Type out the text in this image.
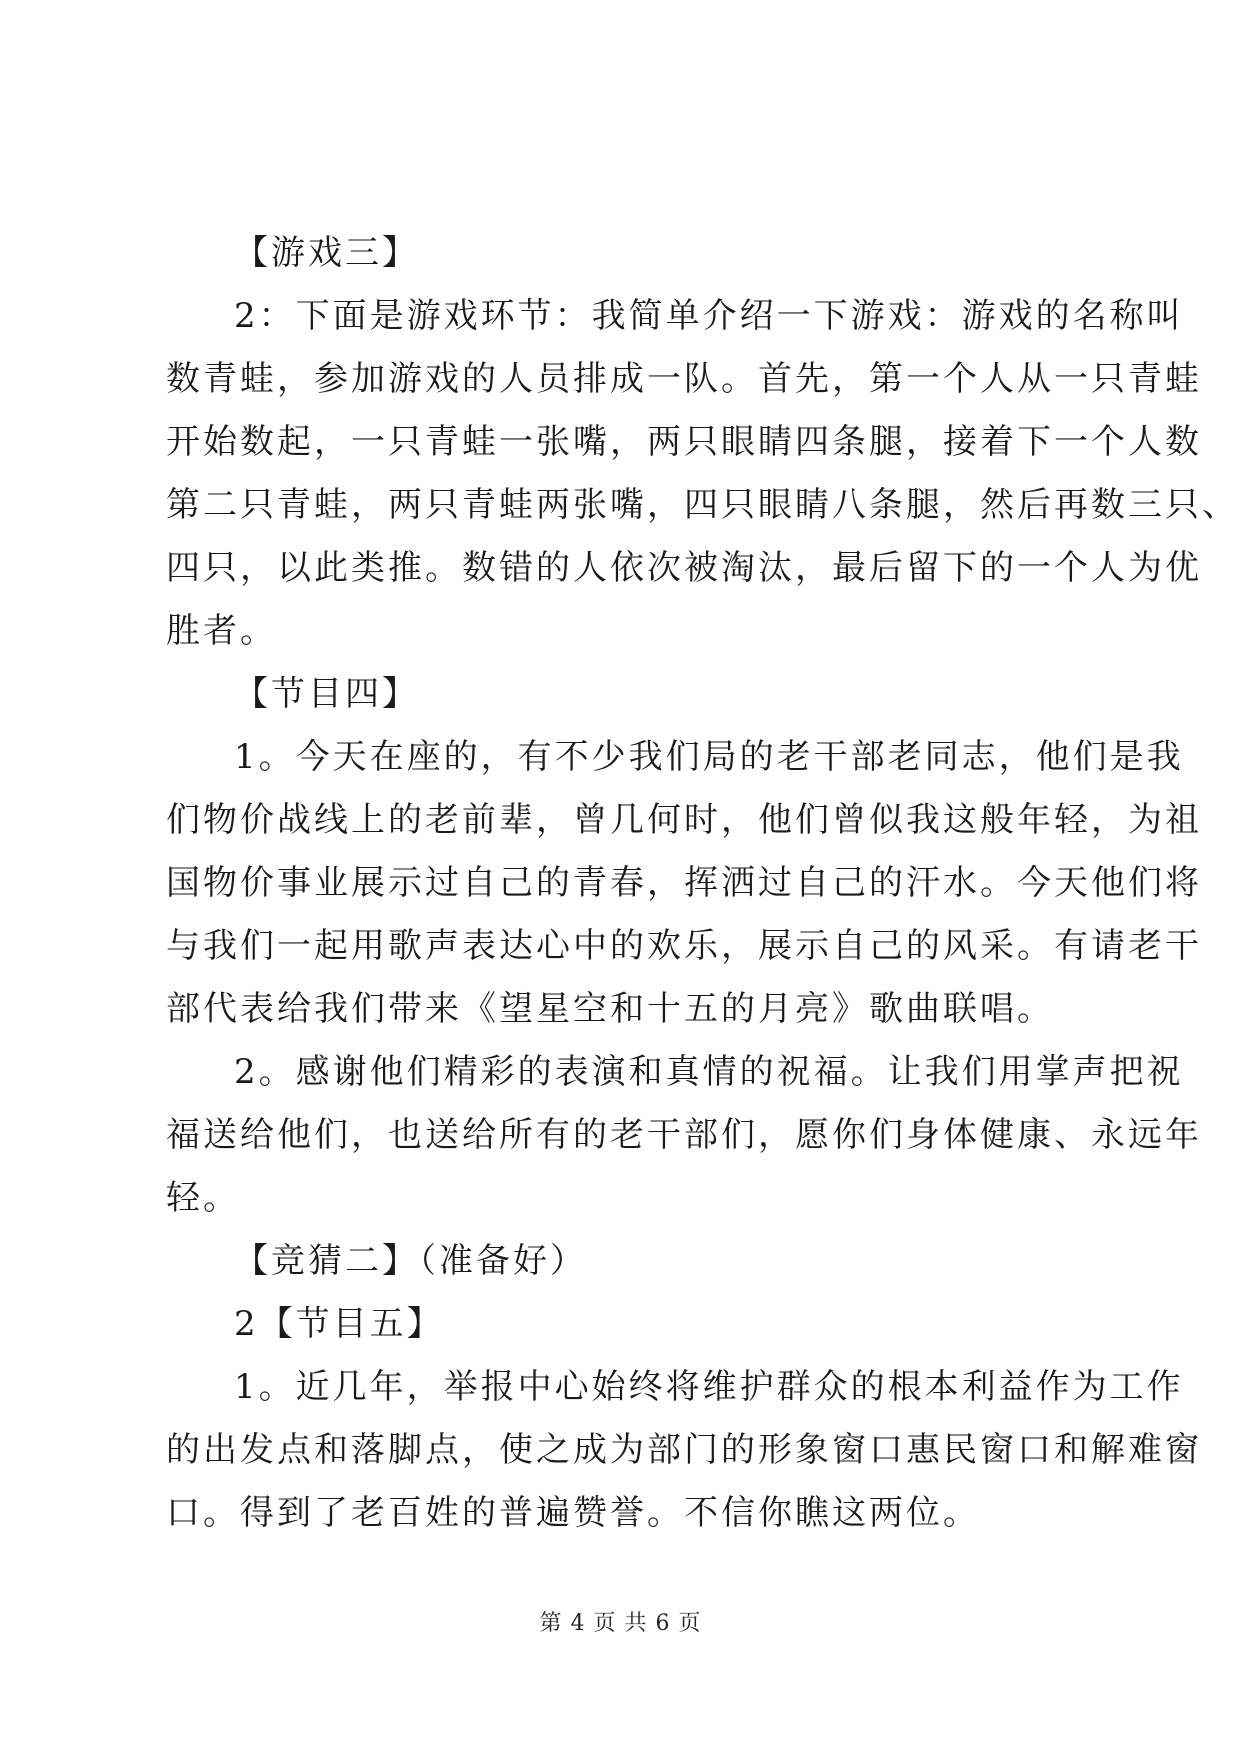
【游戏三】
2：下面是游戏环节：我简单介绍一下游戏：游戏的名称叫
数青蛙，参加游戏的人员排成一队。首先，第一个人从一只青蛙
开始数起，一只青蛙一张嘴，两只眼睛四条腿，接着下一个人数
第二只青蛙，两只青蛙两张嘴，四只眼睛八条腿，然后再数三只、
四只，以此类推。数错的人依次被淘汰，最后留下的一个人为优
胜者。
【节目四】
1。今天在座的，有不少我们局的老干部老同志，他们是我
们物价战线上的老前辈，曾几何时，他们曾似我这般年轻，为祖
国物价事业展示过自己的青春，挥洒过自己的汗水。今天他们将
与我们一起用歌声表达心中的欢乐，展示自己的风采。有请老干
部代表给我们带来《望星空和十五的月亮》歌曲联唱。
2。感谢他们精彩的表演和真情的祝福。让我们用掌声把祝
福送给他们，也送给所有的老干部们，愿你们身体健康、永远年
轻。
【竞猜二】（准备好）
2【节目五】
1。近几年，举报中心始终将维护群众的根本利益作为工作
的出发点和落脚点，使之成为部门的形象窗口惠民窗口和解难窗
口。得到了老百姓的普遍赞誉。不信你瞧这两位。
第 4 页 共 6 页
